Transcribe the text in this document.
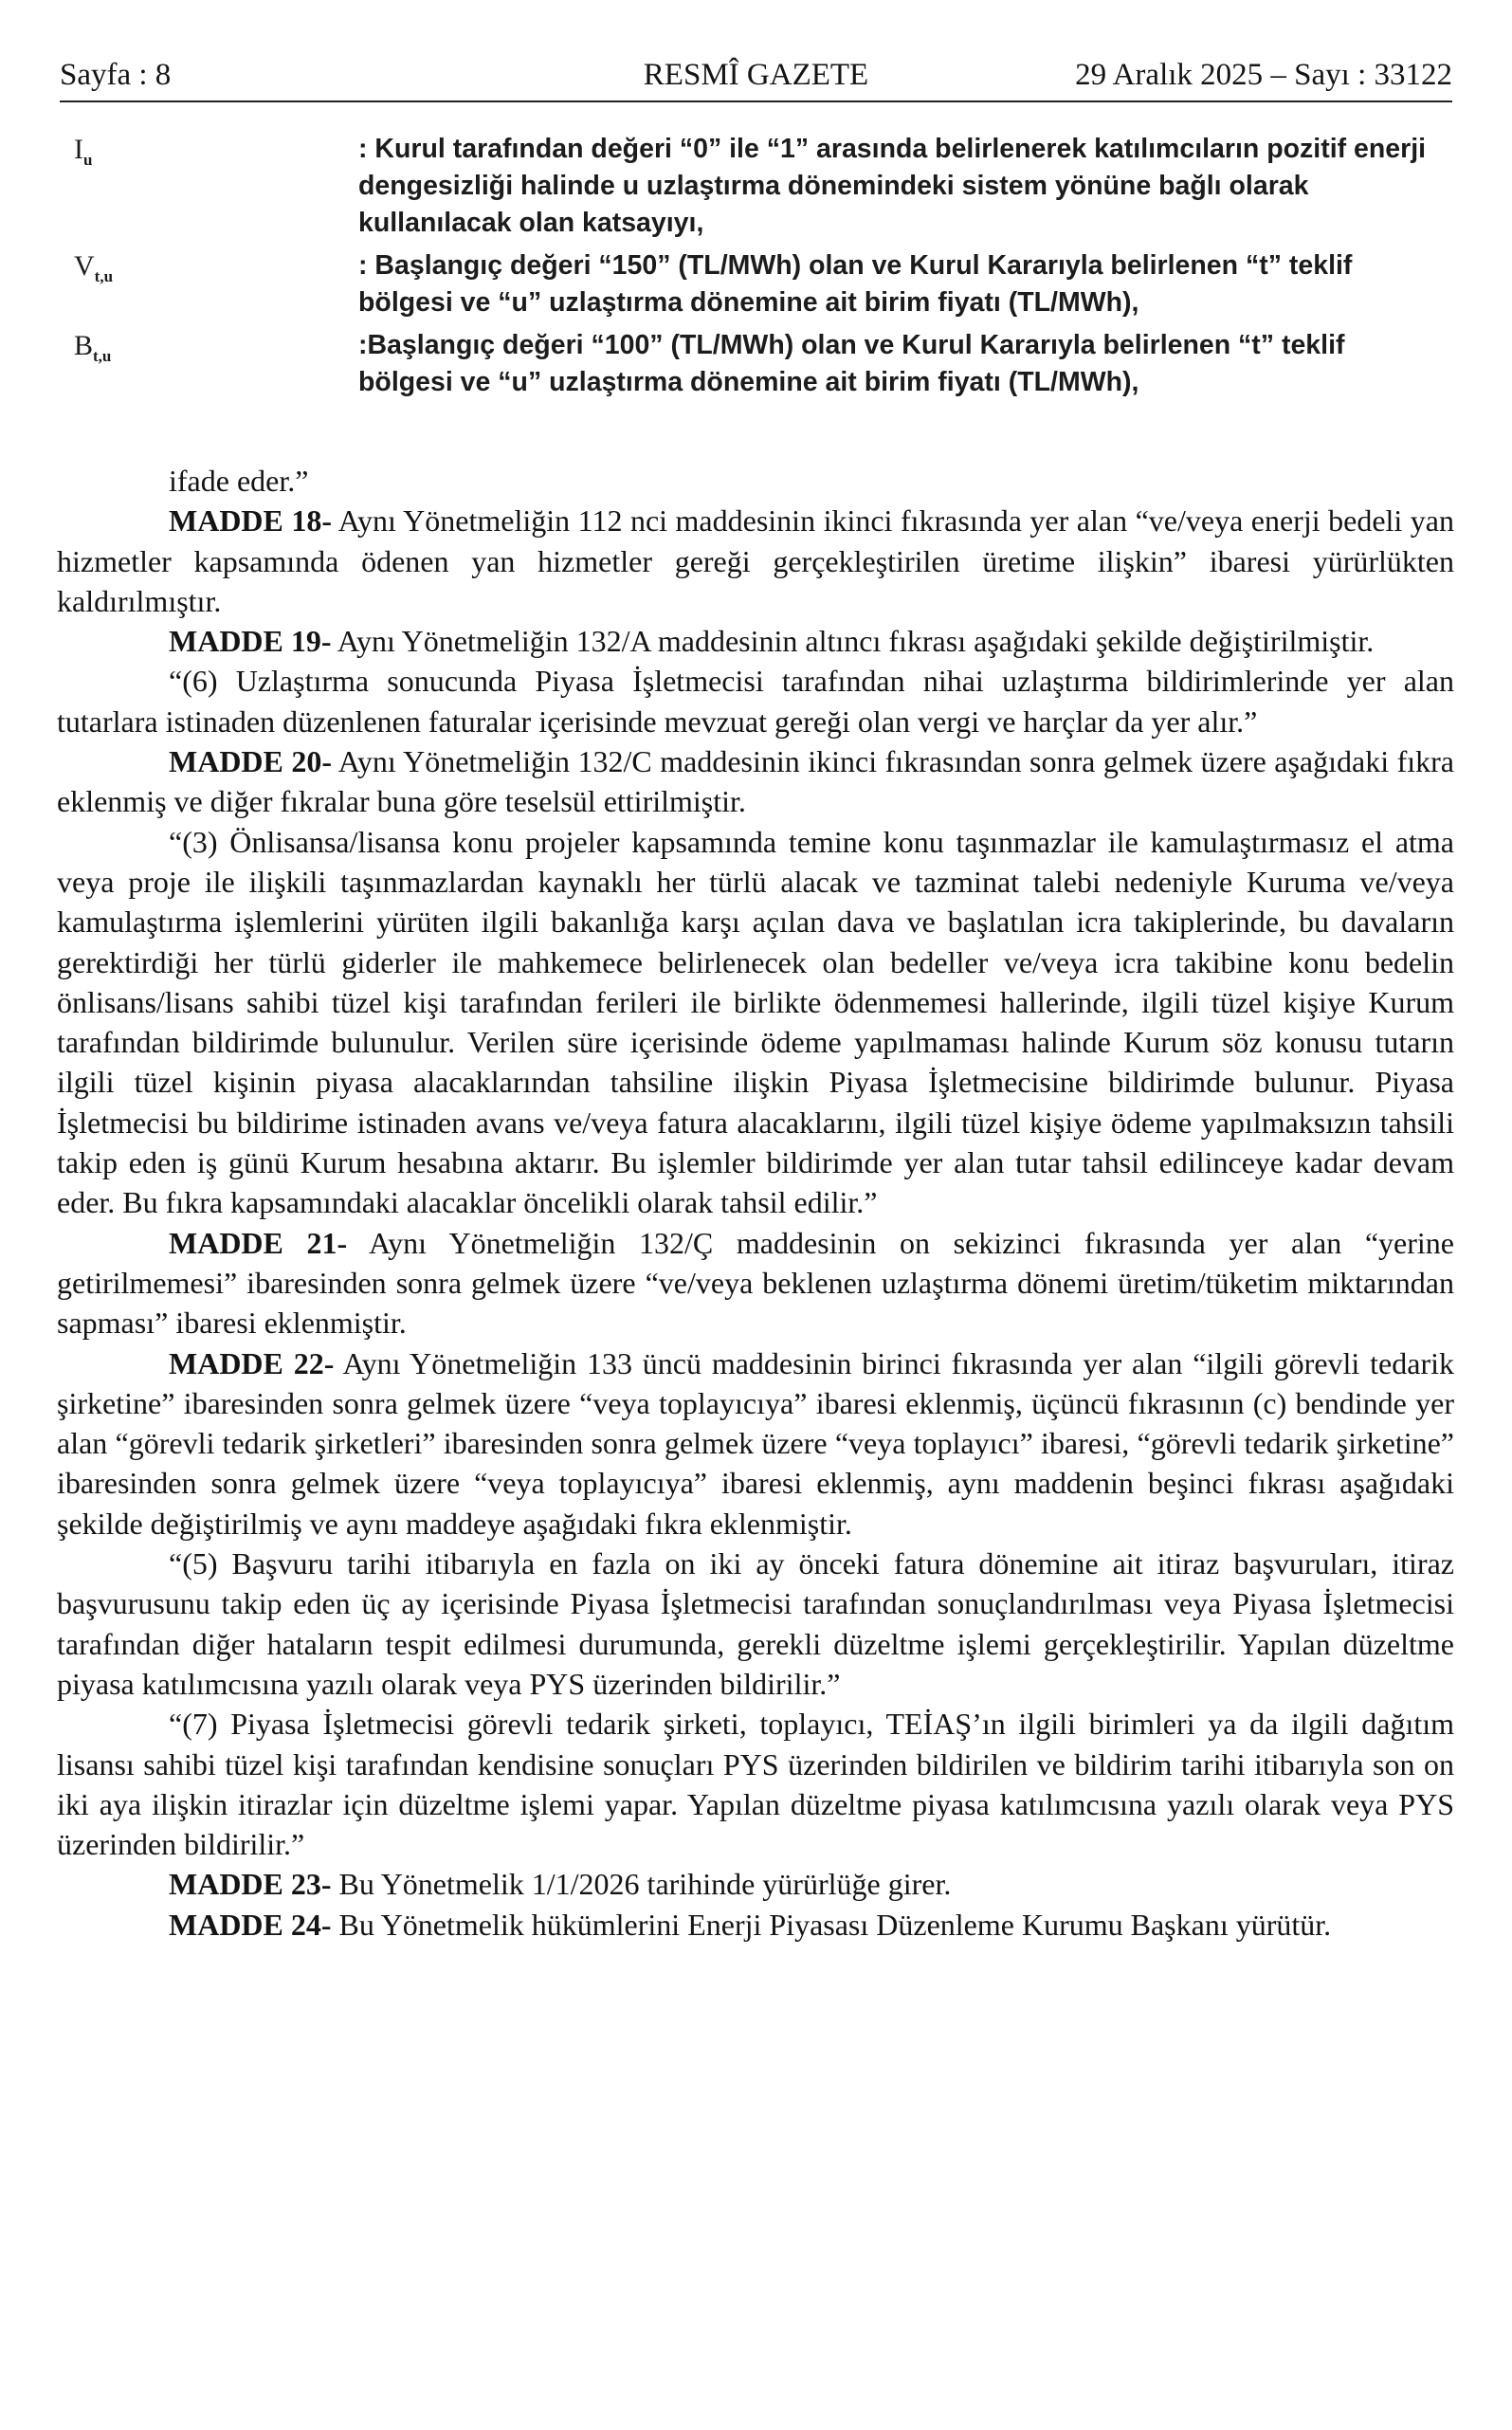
Sayfa : 8	RESMÎ GAZETE	29 Aralık 2025 – Sayı : 33122
$I_u$	: Kurul tarafından değeri “0” ile “1” arasında belirlenerek katılımcıların pozitif enerji dengesizliği halinde u uzlaştırma dönemindeki sistem yönüne bağlı olarak kullanılacak olan katsayıyı,
$V_{t,u}$	: Başlangıç değeri “150” (TL/MWh) olan ve Kurul Kararıyla belirlenen “t” teklif bölgesi ve “u” uzlaştırma dönemine ait birim fiyatı (TL/MWh),
$B_{t,u}$	:Başlangıç değeri “100” (TL/MWh) olan ve Kurul Kararıyla belirlenen “t” teklif bölgesi ve “u” uzlaştırma dönemine ait birim fiyatı (TL/MWh),

ifade eder.”

MADDE 18- Aynı Yönetmeliğin 112 nci maddesinin ikinci fıkrasında yer alan “ve/veya enerji bedeli yan hizmetler kapsamında ödenen yan hizmetler gereği gerçekleştirilen üretime ilişkin” ibaresi yürürlükten kaldırılmıştır.

MADDE 19- Aynı Yönetmeliğin 132/A maddesinin altıncı fıkrası aşağıdaki şekilde değiştirilmiştir.

“(6) Uzlaştırma sonucunda Piyasa İşletmecisi tarafından nihai uzlaştırma bildirimlerinde yer alan tutarlara istinaden düzenlenen faturalar içerisinde mevzuat gereği olan vergi ve harçlar da yer alır.”

MADDE 20- Aynı Yönetmeliğin 132/C maddesinin ikinci fıkrasından sonra gelmek üzere aşağıdaki fıkra eklenmiş ve diğer fıkralar buna göre teselsül ettirilmiştir.

“(3) Önlisansa/lisansa konu projeler kapsamında temine konu taşınmazlar ile kamulaştırmasız el atma veya proje ile ilişkili taşınmazlardan kaynaklı her türlü alacak ve tazminat talebi nedeniyle Kuruma ve/veya kamulaştırma işlemlerini yürüten ilgili bakanlığa karşı açılan dava ve başlatılan icra takiplerinde, bu davaların gerektirdiği her türlü giderler ile mahkemece belirlenecek olan bedeller ve/veya icra takibine konu bedelin önlisans/lisans sahibi tüzel kişi tarafından ferileri ile birlikte ödenmemesi hallerinde, ilgili tüzel kişiye Kurum tarafından bildirimde bulunulur. Verilen süre içerisinde ödeme yapılmaması halinde Kurum söz konusu tutarın ilgili tüzel kişinin piyasa alacaklarından tahsiline ilişkin Piyasa İşletmecisine bildirimde bulunur. Piyasa İşletmecisi bu bildirime istinaden avans ve/veya fatura alacaklarını, ilgili tüzel kişiye ödeme yapılmaksızın tahsili takip eden iş günü Kurum hesabına aktarır. Bu işlemler bildirimde yer alan tutar tahsil edilinceye kadar devam eder. Bu fıkra kapsamındaki alacaklar öncelikli olarak tahsil edilir.”

MADDE 21- Aynı Yönetmeliğin 132/Ç maddesinin on sekizinci fıkrasında yer alan “yerine getirilmemesi” ibaresinden sonra gelmek üzere “ve/veya beklenen uzlaştırma dönemi üretim/tüketim miktarından sapması” ibaresi eklenmiştir.

MADDE 22- Aynı Yönetmeliğin 133 üncü maddesinin birinci fıkrasında yer alan “ilgili görevli tedarik şirketine” ibaresinden sonra gelmek üzere “veya toplayıcıya” ibaresi eklenmiş, üçüncü fıkrasının (c) bendinde yer alan “görevli tedarik şirketleri” ibaresinden sonra gelmek üzere “veya toplayıcı” ibaresi, “görevli tedarik şirketine” ibaresinden sonra gelmek üzere “veya toplayıcıya” ibaresi eklenmiş, aynı maddenin beşinci fıkrası aşağıdaki şekilde değiştirilmiş ve aynı maddeye aşağıdaki fıkra eklenmiştir.

“(5) Başvuru tarihi itibarıyla en fazla on iki ay önceki fatura dönemine ait itiraz başvuruları, itiraz başvurusunu takip eden üç ay içerisinde Piyasa İşletmecisi tarafından sonuçlandırılması veya Piyasa İşletmecisi tarafından diğer hataların tespit edilmesi durumunda, gerekli düzeltme işlemi gerçekleştirilir. Yapılan düzeltme piyasa katılımcısına yazılı olarak veya PYS üzerinden bildirilir.”

“(7) Piyasa İşletmecisi görevli tedarik şirketi, toplayıcı, TEİAŞ’ın ilgili birimleri ya da ilgili dağıtım lisansı sahibi tüzel kişi tarafından kendisine sonuçları PYS üzerinden bildirilen ve bildirim tarihi itibarıyla son on iki aya ilişkin itirazlar için düzeltme işlemi yapar. Yapılan düzeltme piyasa katılımcısına yazılı olarak veya PYS üzerinden bildirilir.”

MADDE 23- Bu Yönetmelik 1/1/2026 tarihinde yürürlüğe girer.

MADDE 24- Bu Yönetmelik hükümlerini Enerji Piyasası Düzenleme Kurumu Başkanı yürütür.
